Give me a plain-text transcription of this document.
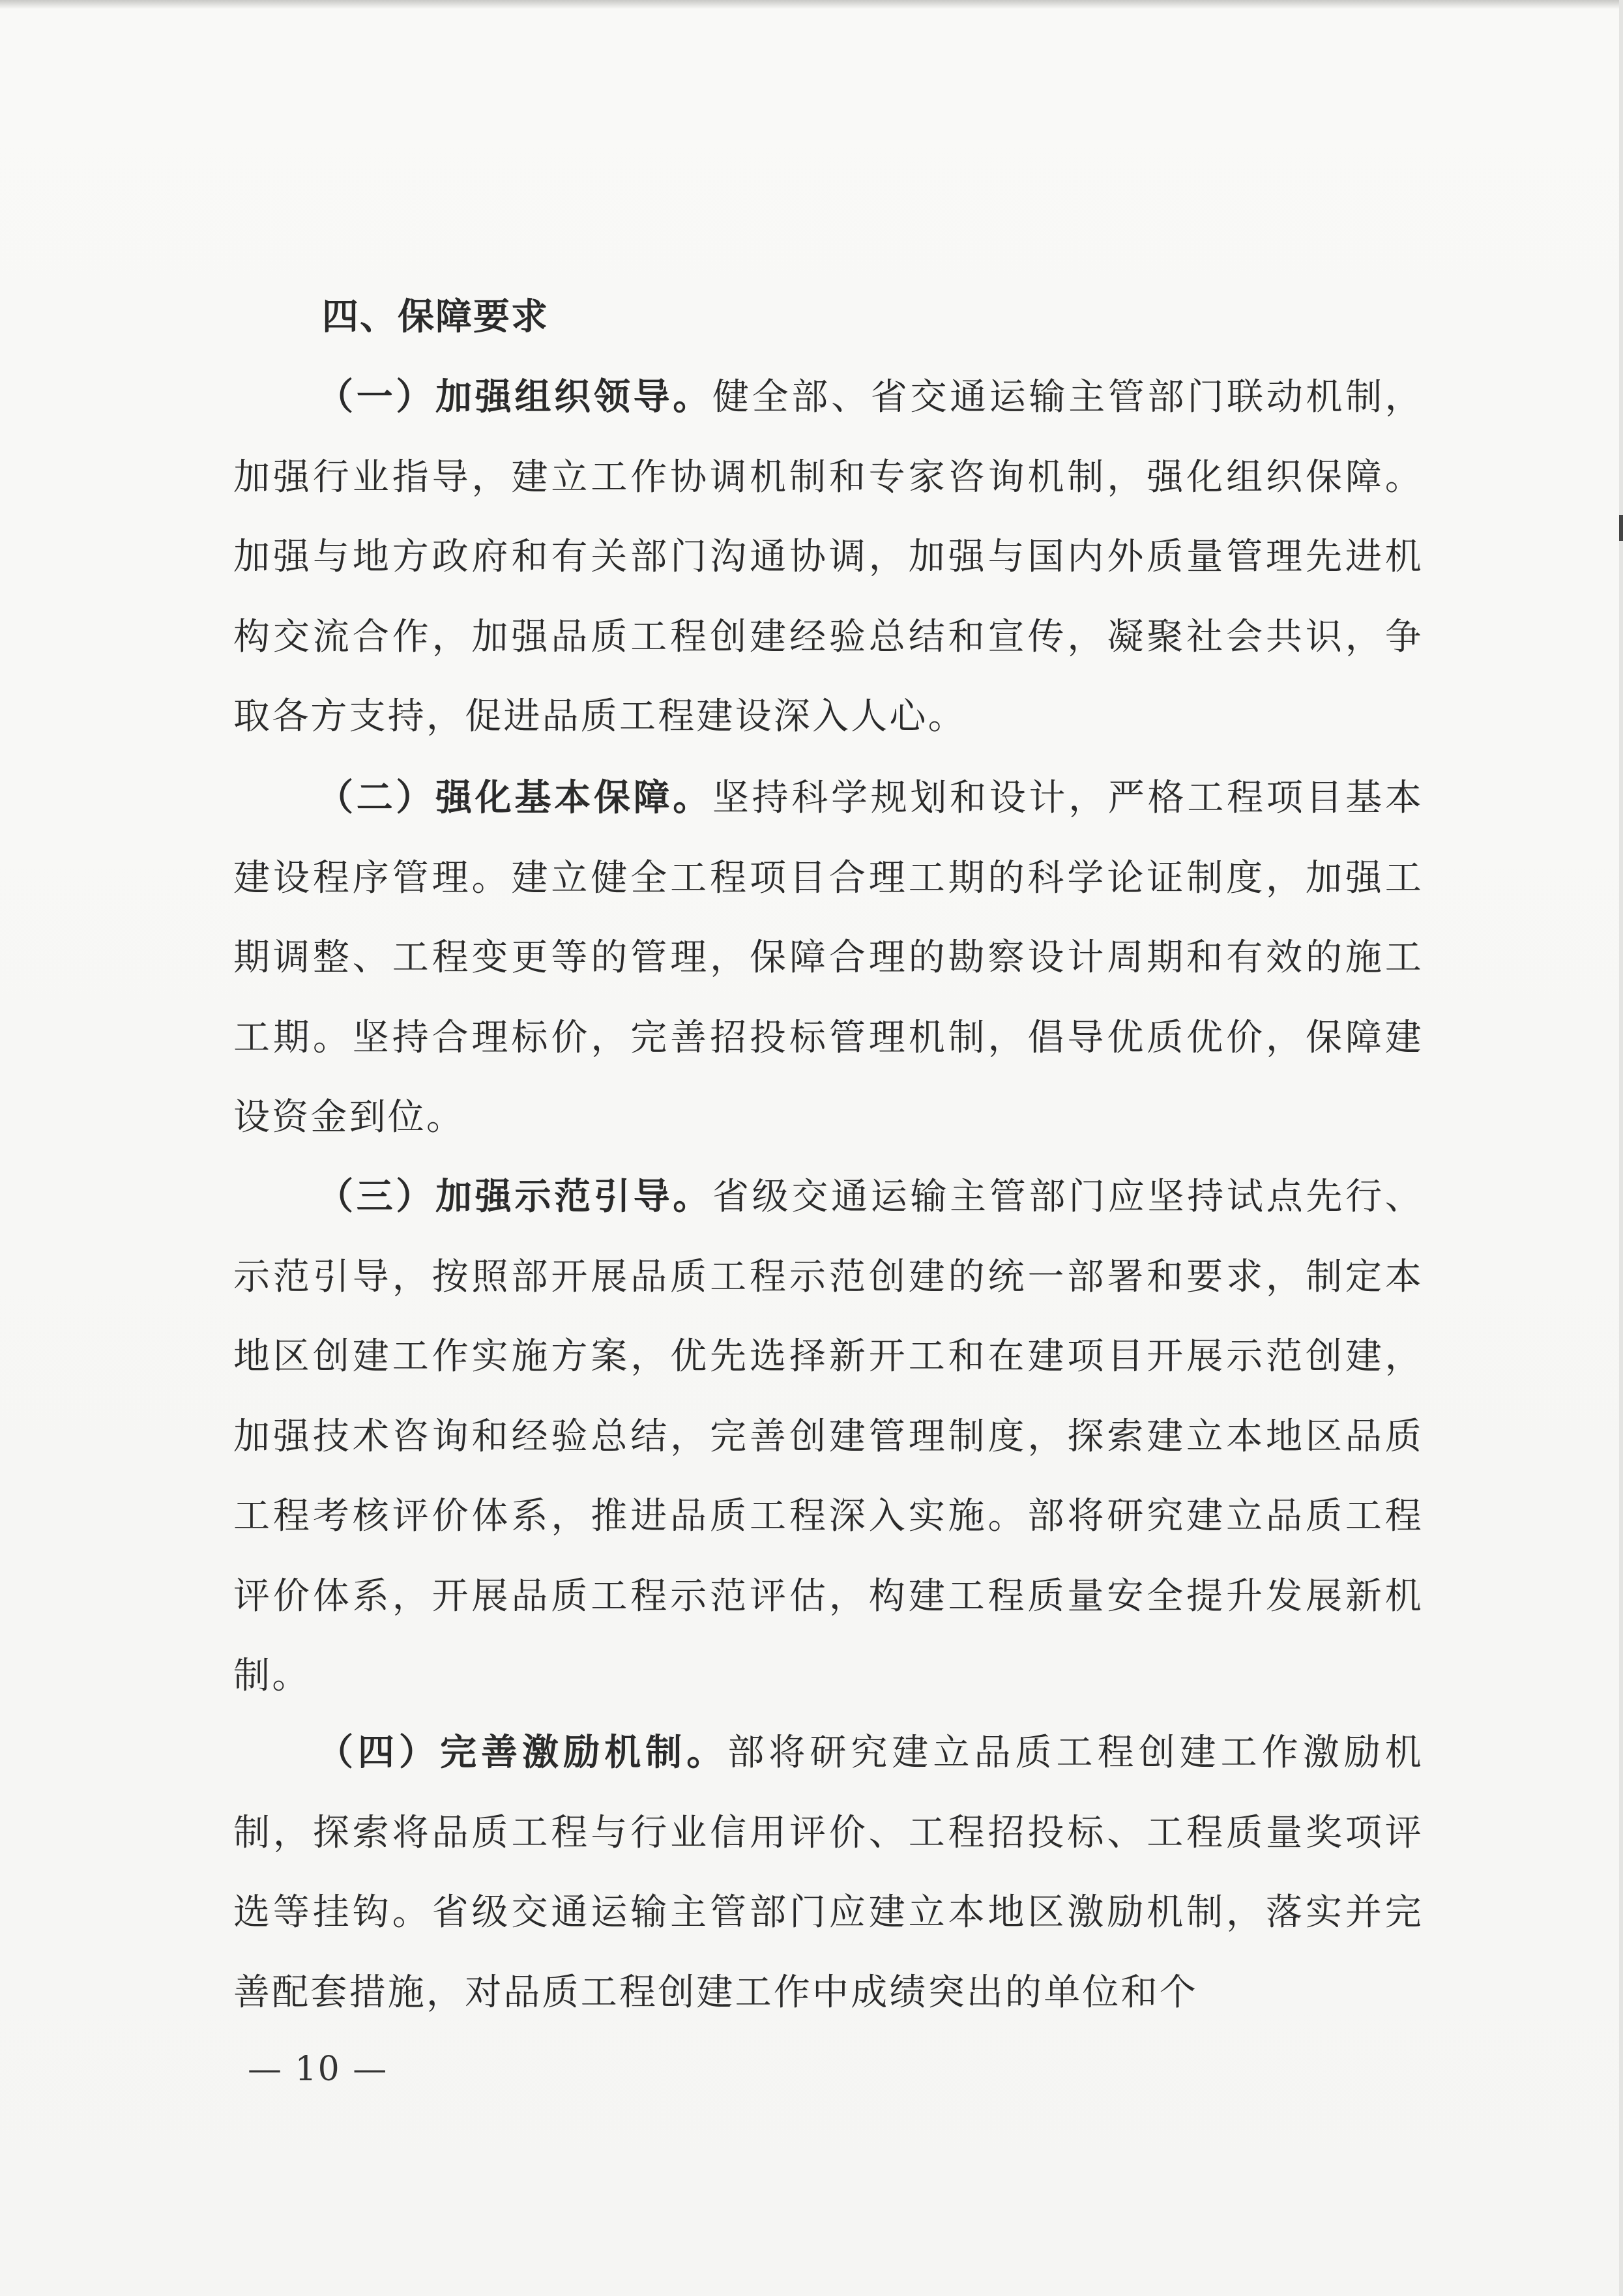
四、保障要求

（一）加强组织领导。健全部、省交通运输主管部门联动机制，加强行业指导，建立工作协调机制和专家咨询机制，强化组织保障。加强与地方政府和有关部门沟通协调，加强与国内外质量管理先进机构交流合作，加强品质工程创建经验总结和宣传，凝聚社会共识，争取各方支持，促进品质工程建设深入人心。

（二）强化基本保障。坚持科学规划和设计，严格工程项目基本建设程序管理。建立健全工程项目合理工期的科学论证制度，加强工期调整、工程变更等的管理，保障合理的勘察设计周期和有效的施工工期。坚持合理标价，完善招投标管理机制，倡导优质优价，保障建设资金到位。

（三）加强示范引导。省级交通运输主管部门应坚持试点先行、示范引导，按照部开展品质工程示范创建的统一部署和要求，制定本地区创建工作实施方案，优先选择新开工和在建项目开展示范创建，加强技术咨询和经验总结，完善创建管理制度，探索建立本地区品质工程考核评价体系，推进品质工程深入实施。部将研究建立品质工程评价体系，开展品质工程示范评估，构建工程质量安全提升发展新机制。

（四）完善激励机制。部将研究建立品质工程创建工作激励机制，探索将品质工程与行业信用评价、工程招投标、工程质量奖项评选等挂钩。省级交通运输主管部门应建立本地区激励机制，落实并完善配套措施，对品质工程创建工作中成绩突出的单位和个

— 10 —
